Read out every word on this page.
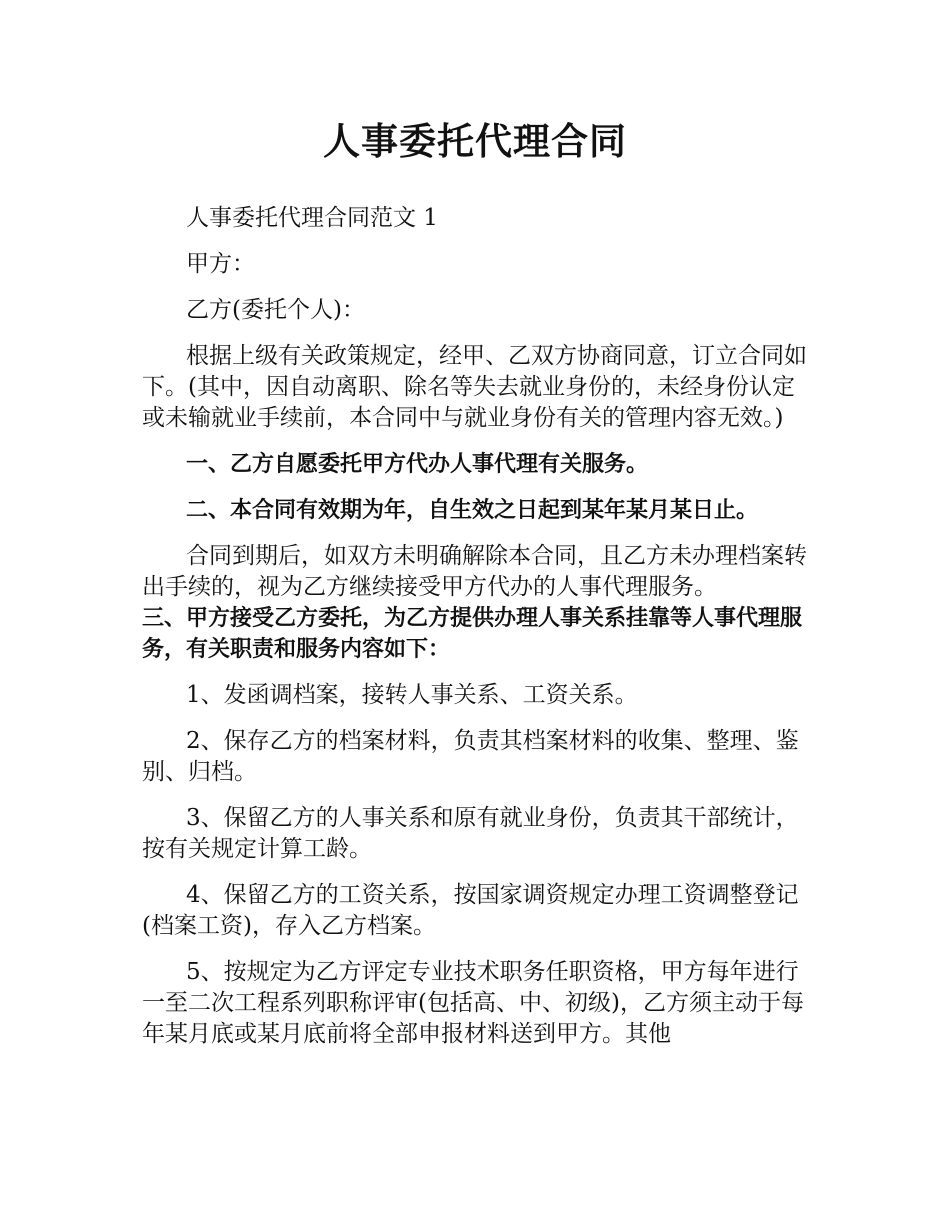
人事委托代理合同

人事委托代理合同范文 1

甲方：

乙方(委托个人)：

根据上级有关政策规定，经甲、乙双方协商同意，订立合同如下。(其中，因自动离职、除名等失去就业身份的，未经身份认定或未输就业手续前，本合同中与就业身份有关的管理内容无效。)

一、乙方自愿委托甲方代办人事代理有关服务。

二、本合同有效期为年，自生效之日起到某年某月某日止。

合同到期后，如双方未明确解除本合同，且乙方未办理档案转出手续的，视为乙方继续接受甲方代办的人事代理服务。

三、甲方接受乙方委托，为乙方提供办理人事关系挂靠等人事代理服务，有关职责和服务内容如下：

1、发函调档案，接转人事关系、工资关系。

2、保存乙方的档案材料，负责其档案材料的收集、整理、鉴别、归档。

3、保留乙方的人事关系和原有就业身份，负责其干部统计，按有关规定计算工龄。

4、保留乙方的工资关系，按国家调资规定办理工资调整登记(档案工资)，存入乙方档案。

5、按规定为乙方评定专业技术职务任职资格，甲方每年进行一至二次工程系列职称评审(包括高、中、初级)，乙方须主动于每年某月底或某月底前将全部申报材料送到甲方。其他
